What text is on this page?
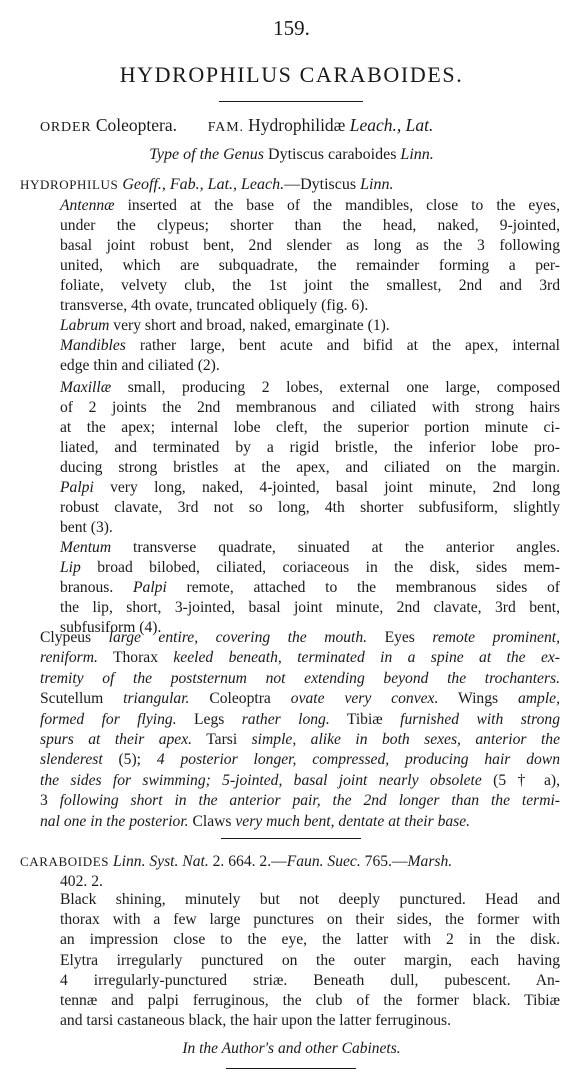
159.
HYDROPHILUS CARABOIDES.
ORDER Coleoptera. FAM. Hydrophilidæ Leach., Lat.
Type of the Genus Dytiscus caraboides Linn.
HYDROPHILUS Geoff., Fab., Lat., Leach.—Dytiscus Linn.
Antennæ inserted at the base of the mandibles, close to the eyes,
under the clypeus; shorter than the head, naked, 9-jointed,
basal joint robust bent, 2nd slender as long as the 3 following
united, which are subquadrate, the remainder forming a per-
foliate, velvety club, the 1st joint the smallest, 2nd and 3rd
transverse, 4th ovate, truncated obliquely (fig. 6).
Labrum very short and broad, naked, emarginate (1).
Mandibles rather large, bent acute and bifid at the apex, internal
edge thin and ciliated (2).
Maxillæ small, producing 2 lobes, external one large, composed
of 2 joints the 2nd membranous and ciliated with strong hairs
at the apex; internal lobe cleft, the superior portion minute ci-
liated, and terminated by a rigid bristle, the inferior lobe pro-
ducing strong bristles at the apex, and ciliated on the margin.
Palpi very long, naked, 4-jointed, basal joint minute, 2nd long
robust clavate, 3rd not so long, 4th shorter subfusiform, slightly
bent (3).
Mentum transverse quadrate, sinuated at the anterior angles.
Lip broad bilobed, ciliated, coriaceous in the disk, sides mem-
branous. Palpi remote, attached to the membranous sides of
the lip, short, 3-jointed, basal joint minute, 2nd clavate, 3rd bent,
subfusiform (4).
Clypeus large entire, covering the mouth. Eyes remote prominent,
reniform. Thorax keeled beneath, terminated in a spine at the ex-
tremity of the poststernum not extending beyond the trochanters.
Scutellum triangular. Coleoptra ovate very convex. Wings ample,
formed for flying. Legs rather long. Tibiæ furnished with strong
spurs at their apex. Tarsi simple, alike in both sexes, anterior the
slenderest (5); 4 posterior longer, compressed, producing hair down
the sides for swimming; 5-jointed, basal joint nearly obsolete (5 † a),
3 following short in the anterior pair, the 2nd longer than the termi-
nal one in the posterior. Claws very much bent, dentate at their base.
CARABOIDES Linn. Syst. Nat. 2. 664. 2.—Faun. Suec. 765.—Marsh.
402. 2.
Black shining, minutely but not deeply punctured. Head and
thorax with a few large punctures on their sides, the former with
an impression close to the eye, the latter with 2 in the disk.
Elytra irregularly punctured on the outer margin, each having
4 irregularly-punctured striæ. Beneath dull, pubescent. An-
tennæ and palpi ferruginous, the club of the former black. Tibiæ
and tarsi castaneous black, the hair upon the latter ferruginous.
In the Author's and other Cabinets.
